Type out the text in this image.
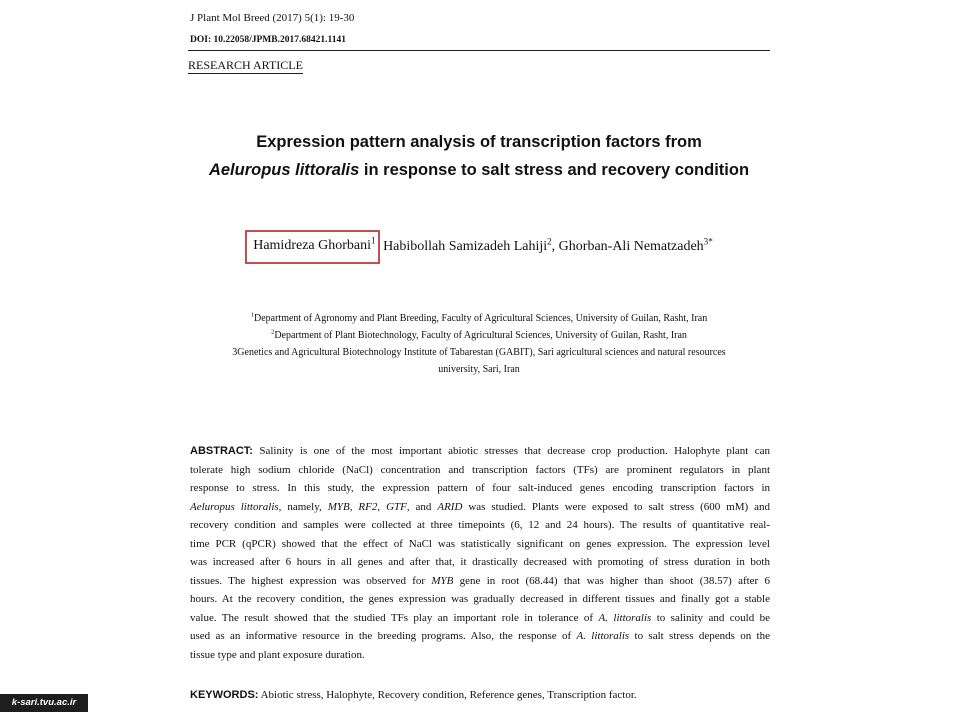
J Plant Mol Breed (2017) 5(1): 19-30
DOI: 10.22058/JPMB.2017.68421.1141
RESEARCH ARTICLE
Expression pattern analysis of transcription factors from
Aeluropus littoralis in response to salt stress and recovery condition
Hamidreza Ghorbani$^1$ Habibollah Samizadeh Lahiji$^2$, Ghorban-Ali Nematzadeh$^{3*}$
$^1$Department of Agronomy and Plant Breeding, Faculty of Agricultural Sciences, University of Guilan, Rasht, Iran
$^2$Department of Plant Biotechnology, Faculty of Agricultural Sciences, University of Guilan, Rasht, Iran
3Genetics and Agricultural Biotechnology Institute of Tabarestan (GABIT), Sari agricultural sciences and natural resources
university, Sari, Iran
ABSTRACT: Salinity is one of the most important abiotic stresses that decrease crop production. Halophyte plant can
tolerate high sodium chloride (NaCl) concentration and transcription factors (TFs) are prominent regulators in plant
response to stress. In this study, the expression pattern of four salt-induced genes encoding transcription factors in
Aeluropus littoralis, namely, MYB, RF2, GTF, and ARID was studied. Plants were exposed to salt stress (600 mM) and
recovery condition and samples were collected at three timepoints (6, 12 and 24 hours). The results of quantitative real-
time PCR (qPCR) showed that the effect of NaCl was statistically significant on genes expression. The expression level
was increased after 6 hours in all genes and after that, it drastically decreased with promoting of stress duration in both
tissues. The highest expression was observed for MYB gene in root (68.44) that was higher than shoot (38.57) after 6
hours. At the recovery condition, the genes expression was gradually decreased in different tissues and finally got a stable
value. The result showed that the studied TFs play an important role in tolerance of A. littoralis to salinity and could be
used as an informative resource in the breeding programs. Also, the response of A. littoralis to salt stress depends on the
tissue type and plant exposure duration.
KEYWORDS: Abiotic stress, Halophyte, Recovery condition, Reference genes, Transcription factor.
k-sari.tvu.ac.ir
